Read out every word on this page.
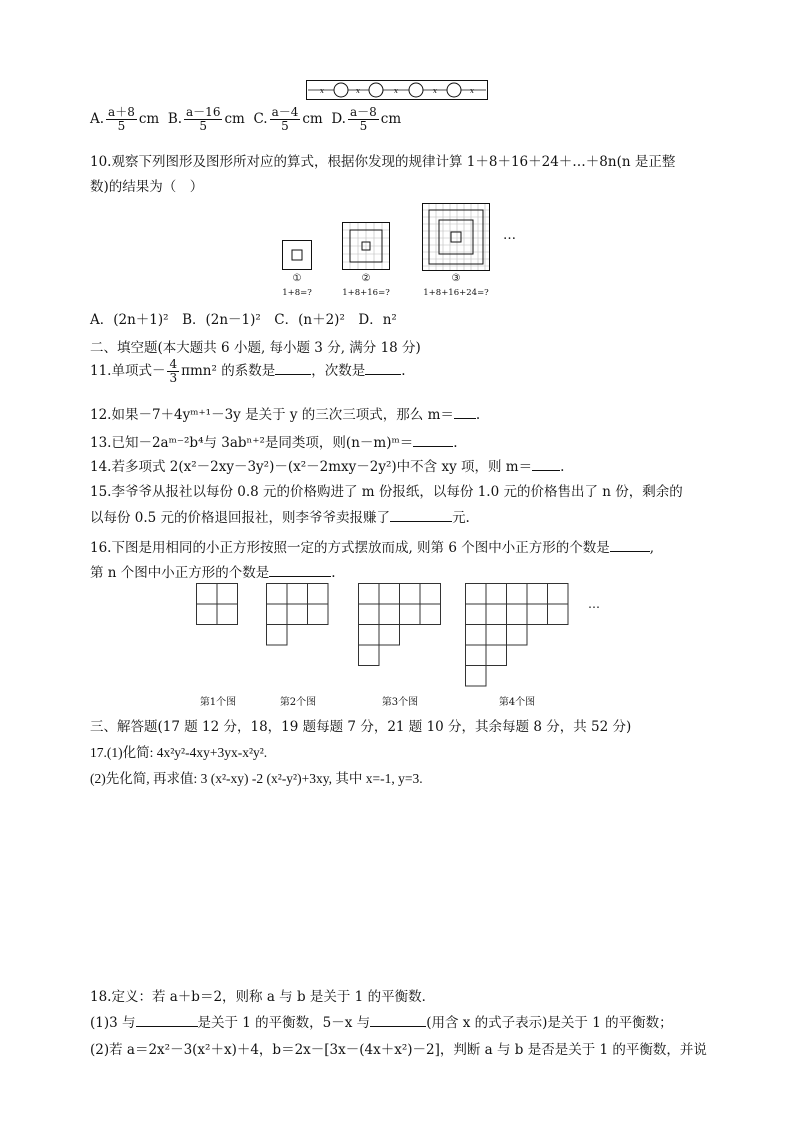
x	x	x	x	x
A. $\frac{a+8}{5}$ cm B. $\frac{a-16}{5}$ cm C. $\frac{a-4}{5}$ cm D. $\frac{a-8}{5}$ cm
10.观察下列图形及图形所对应的算式，根据你发现的规律计算 1＋8＋16＋24＋…＋8n(n 是正整
数)的结果为（　）
…
①
1+8=?
②
1+8+16=?
③
1+8+16+24=?
A．(2n＋1)²　B．(2n－1)²　C．(n＋2)²　D．n²
二、填空题(本大题共 6 小题, 每小题 3 分, 满分 18 分)
11.单项式－ $\frac{4}{3} \pi mn^2$ 的系数是	，次数是	.
12.如果－7＋4yᵐ⁺¹－3y 是关于 y 的三次三项式，那么 m＝ .
13.已知－2aᵐ⁻²b⁴与 3abⁿ⁺²是同类项，则(n－m)ᵐ＝	.
14.若多项式 2(x²－2xy－3y²)－(x²－2mxy－2y²)中不含 xy 项，则 m＝ .
15.李爷爷从报社以每份 0.8 元的价格购进了 m 份报纸，以每份 1.0 元的价格售出了 n 份，剩余的
以每份 0.5 元的价格退回报社，则李爷爷卖报赚了	元.
16.下图是用相同的小正方形按照一定的方式摆放而成, 则第 6 个图中小正方形的个数是	,
第 n 个图中小正方形的个数是	.
…
第1个图	第2个图	第3个图	第4个图
三、解答题(17 题 12 分，18，19 题每题 7 分，21 题 10 分，其余每题 8 分，共 52 分)
17.(1)化简: 4x²y²-4xy+3yx-x²y².
(2)先化简, 再求值: 3 (x²-xy) -2 (x²-y²)+3xy, 其中 x=-1, y=3.
18.定义：若 a＋b＝2，则称 a 与 b 是关于 1 的平衡数．
(1)3 与	是关于 1 的平衡数，5－x 与	(用含 x 的式子表示)是关于 1 的平衡数；
(2)若 a＝2x²－3(x²＋x)＋4，b＝2x－[3x－(4x＋x²)－2]，判断 a 与 b 是否是关于 1 的平衡数，并说
